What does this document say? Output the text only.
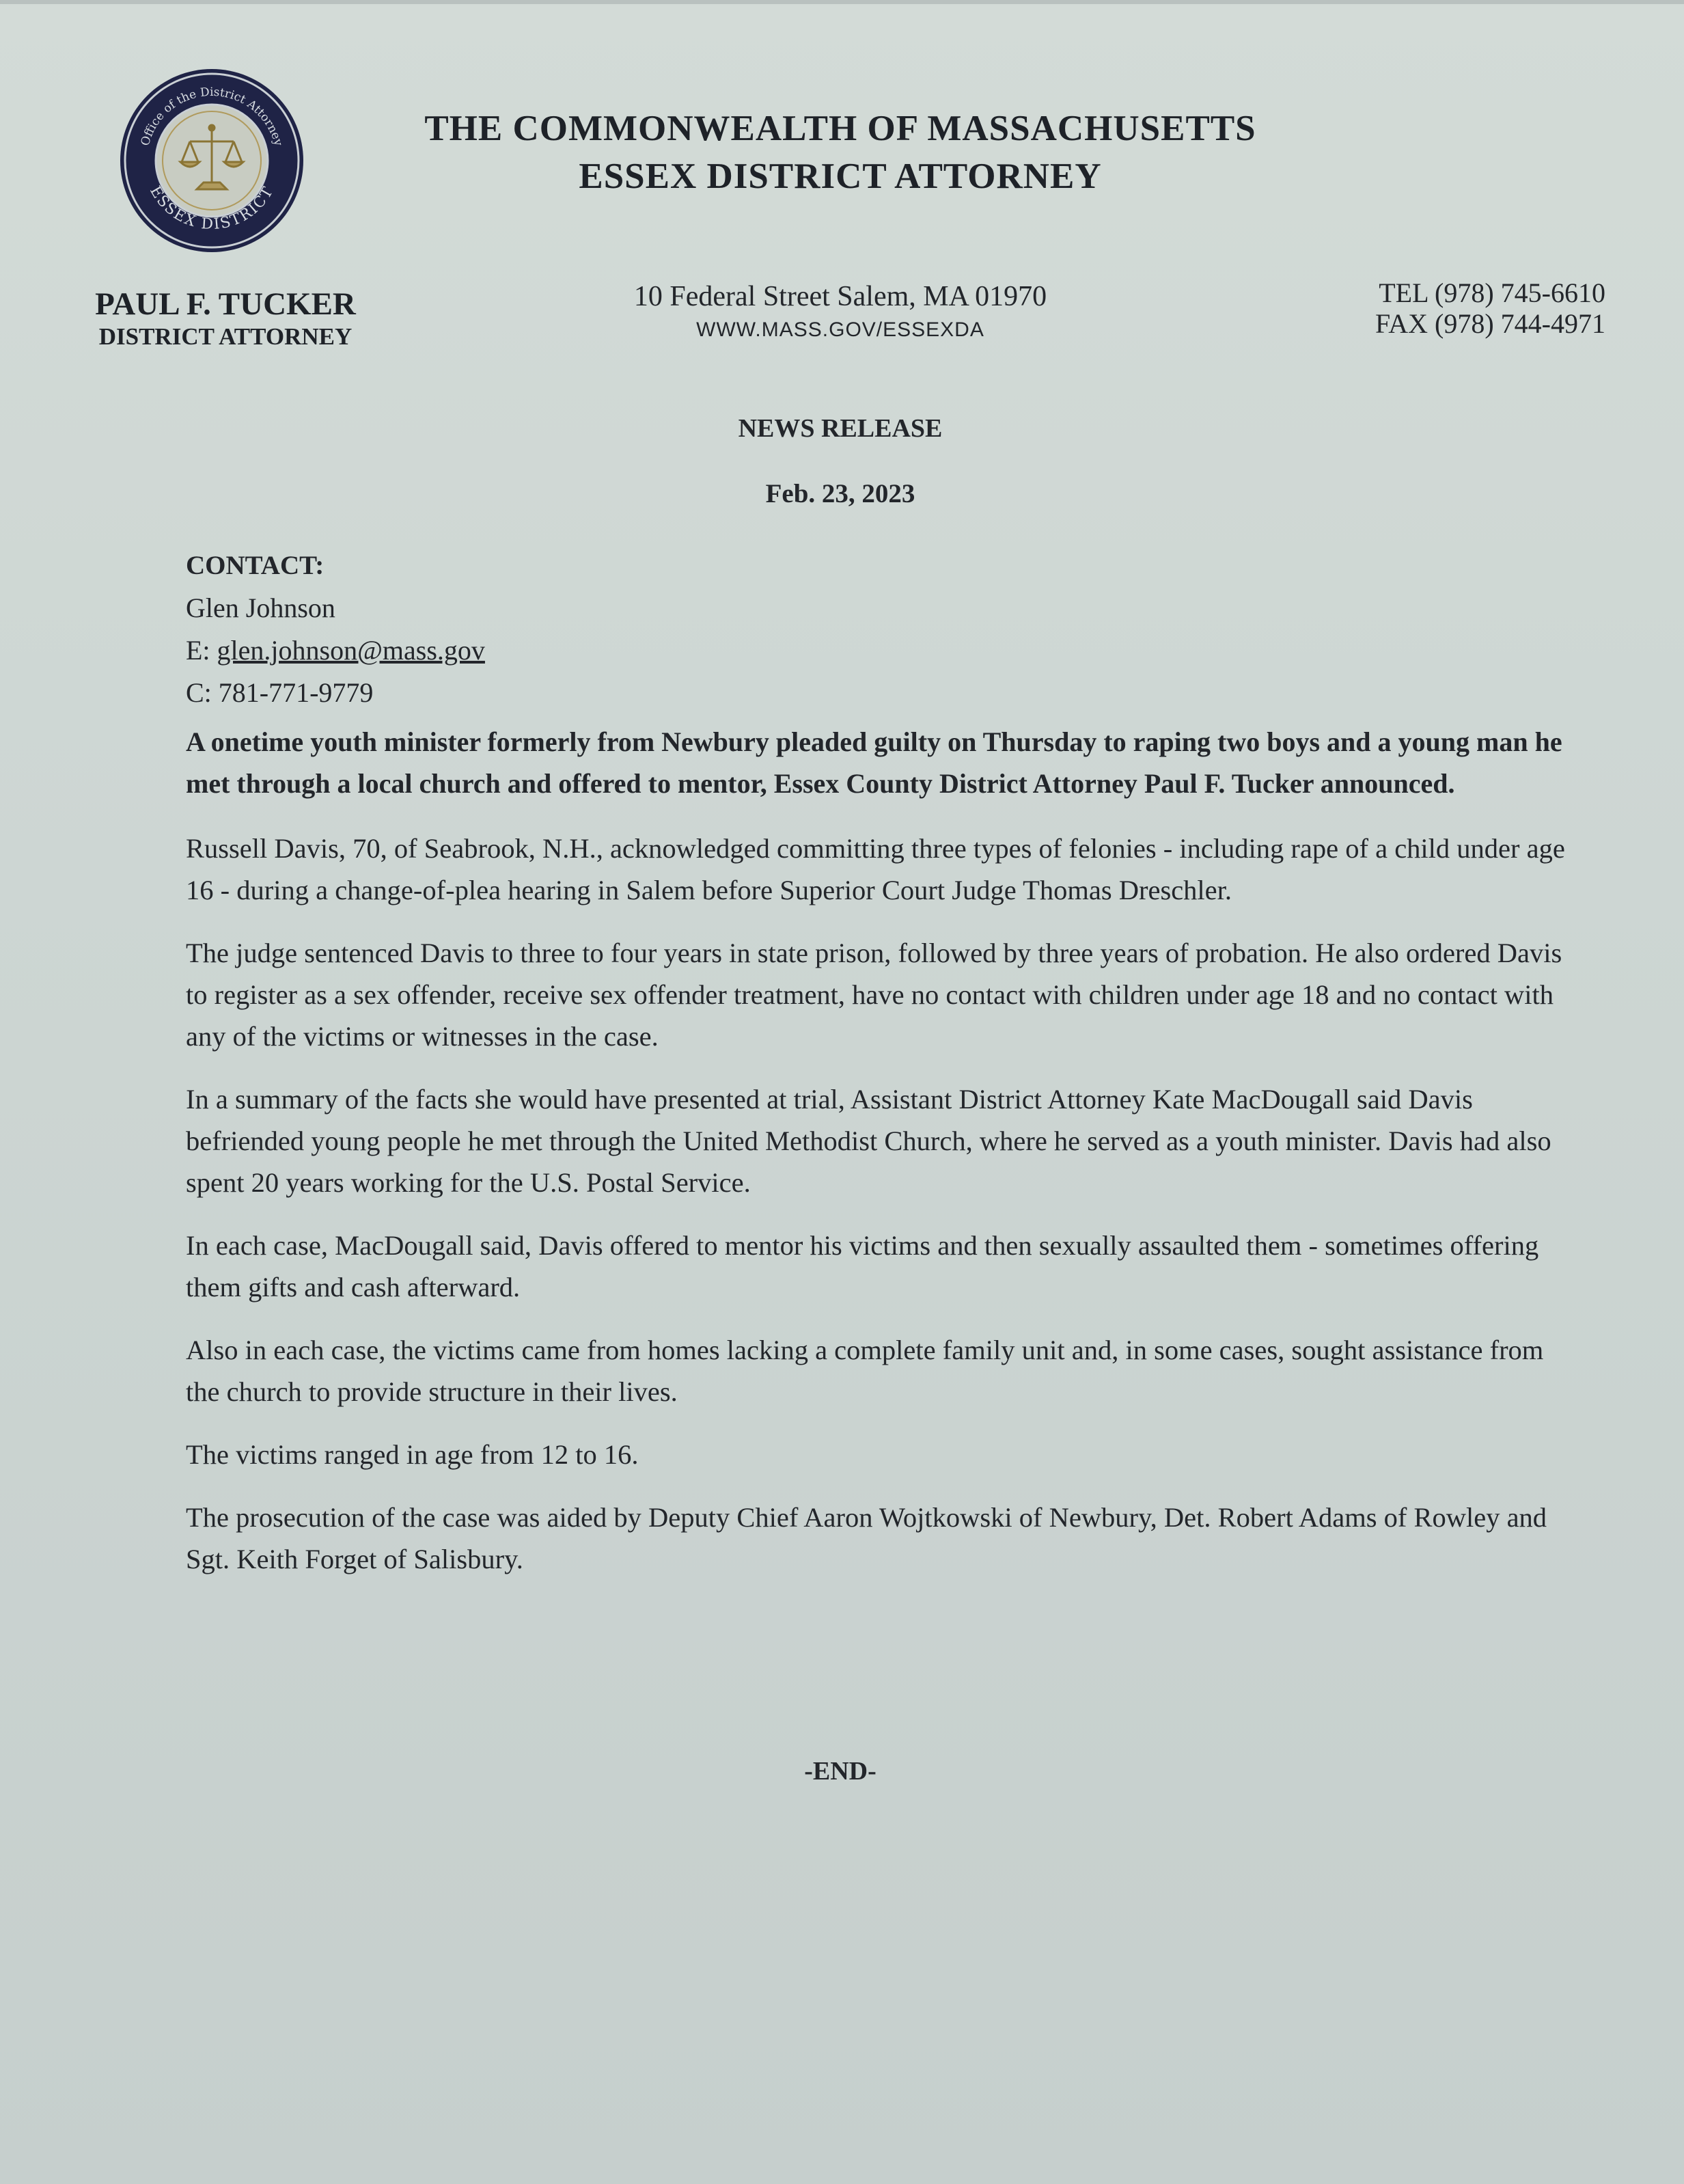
Office of the District Attorney
ESSEX DISTRICT
THE COMMONWEALTH OF MASSACHUSETTS
ESSEX DISTRICT ATTORNEY
PAUL F. TUCKER
DISTRICT ATTORNEY
10 Federal Street Salem, MA 01970
WWW.MASS.GOV/ESSEXDA
TEL (978) 745-6610
FAX (978) 744-4971
NEWS RELEASE
Feb. 23, 2023
CONTACT:
Glen Johnson
E: glen.johnson@mass.gov
C: 781-771-9779

A onetime youth minister formerly from Newbury pleaded guilty on Thursday to raping two boys and a young man he met through a local church and offered to mentor, Essex County District Attorney Paul F. Tucker announced.

Russell Davis, 70, of Seabrook, N.H., acknowledged committing three types of felonies - including rape of a child under age 16 - during a change-of-plea hearing in Salem before Superior Court Judge Thomas Dreschler.

The judge sentenced Davis to three to four years in state prison, followed by three years of probation. He also ordered Davis to register as a sex offender, receive sex offender treatment, have no contact with children under age 18 and no contact with any of the victims or witnesses in the case.

In a summary of the facts she would have presented at trial, Assistant District Attorney Kate MacDougall said Davis befriended young people he met through the United Methodist Church, where he served as a youth minister. Davis had also spent 20 years working for the U.S. Postal Service.

In each case, MacDougall said, Davis offered to mentor his victims and then sexually assaulted them - sometimes offering them gifts and cash afterward.

Also in each case, the victims came from homes lacking a complete family unit and, in some cases, sought assistance from the church to provide structure in their lives.

The victims ranged in age from 12 to 16.

The prosecution of the case was aided by Deputy Chief Aaron Wojtkowski of Newbury, Det. Robert Adams of Rowley and Sgt. Keith Forget of Salisbury.

-END-
